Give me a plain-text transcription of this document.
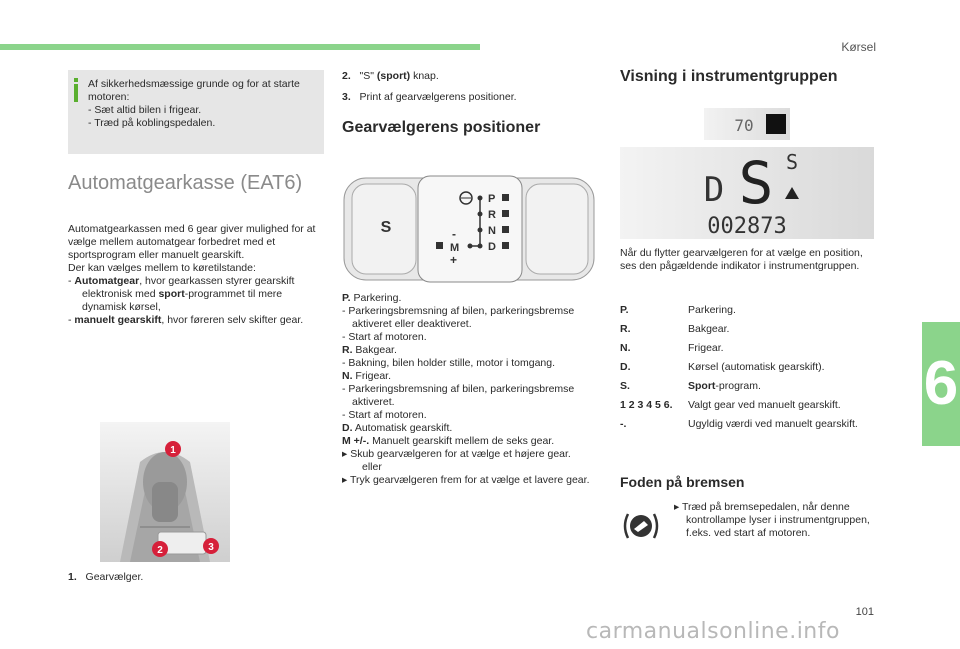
Kørsel
6
101
Af sikkerhedsmæssige grunde og for at starte motoren:
- Sæt altid bilen i frigear.
- Træd på koblingspedalen.
Automatgearkasse (EAT6)
Automatgearkassen med 6 gear giver mulighed for at vælge mellem automatgear forbedret med et sportsprogram eller manuelt gearskift.
Der kan vælges mellem to køretilstande:
- Automatgear, hvor gearkassen styrer gearskift elektronisk med sport-programmet til mere dynamisk kørsel,
- manuelt gearskift, hvor føreren selv skifter gear.
1
2	3
1. Gearvælger.
2. "S" (sport) knap.
3. Print af gearvælgerens positioner.
Gearvælgerens positioner
S
P
R
N
D
-
M
+
P. Parkering.
- Parkeringsbremsning af bilen, parkeringsbremse aktiveret eller deaktiveret.
- Start af motoren.
R. Bakgear.
- Bakning, bilen holder stille, motor i tomgang.
N. Frigear.
- Parkeringsbremsning af bilen, parkeringsbremse aktiveret.
- Start af motoren.
D. Automatisk gearskift.
M +/-. Manuelt gearskift mellem de seks gear.
▸ Skub gearvælgeren for at vælge et højere gear.
eller
▸ Tryk gearvælgeren frem for at vælge et lavere gear.
Visning i instrumentgruppen
70
D S S
002873
Når du flytter gearvælgeren for at vælge en position, ses den pågældende indikator i instrumentgruppen.
P.	Parkering.
R.	Bakgear.
N.	Frigear.
D.	Kørsel (automatisk gearskift).
S.	Sport-program.
1 2 3 4 5 6.	Valgt gear ved manuelt gearskift.
-.	Ugyldig værdi ved manuelt gearskift.
Foden på bremsen
▸ Træd på bremsepedalen, når denne kontrollampe lyser i instrumentgruppen, f.eks. ved start af motoren.
carmanualsonline.info
